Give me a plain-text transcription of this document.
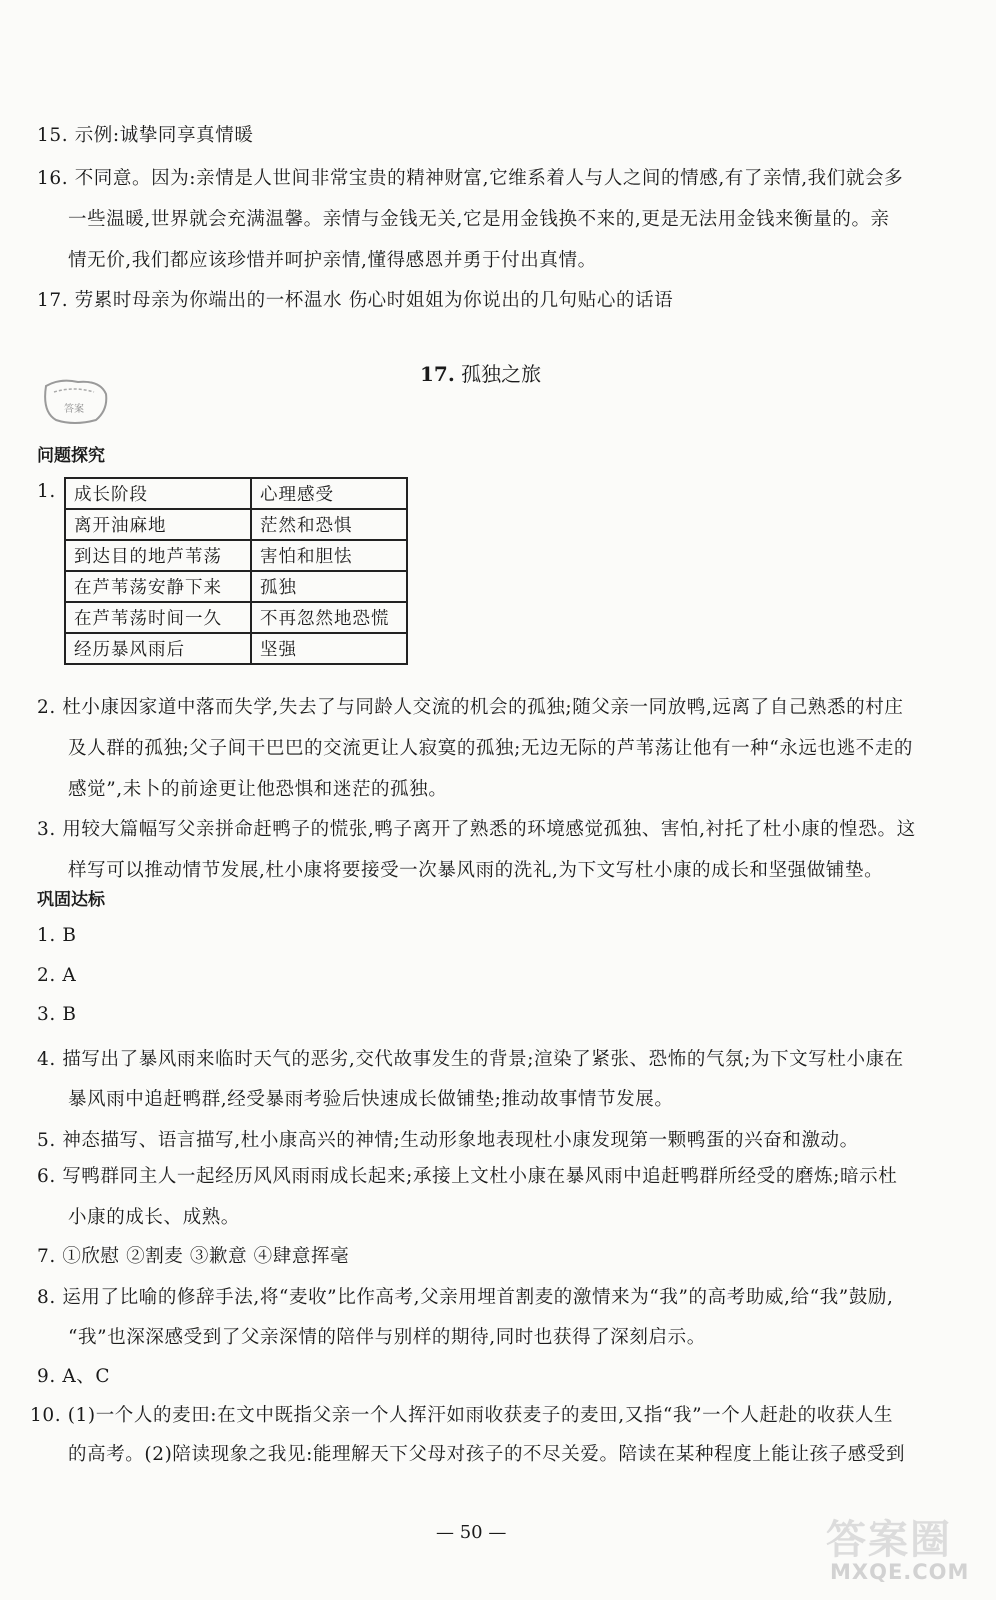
15. 示例:诚挚同享真情暖
16. 不同意。因为:亲情是人世间非常宝贵的精神财富,它维系着人与人之间的情感,有了亲情,我们就会多
一些温暖,世界就会充满温馨。亲情与金钱无关,它是用金钱换不来的,更是无法用金钱来衡量的。亲
情无价,我们都应该珍惜并呵护亲情,懂得感恩并勇于付出真情。
17. 劳累时母亲为你端出的一杯温水 伤心时姐姐为你说出的几句贴心的话语
答案
17. 孤独之旅
问题探究
1. 成长阶段	心理感受
离开油麻地	茫然和恐惧
到达目的地芦苇荡	害怕和胆怯
在芦苇荡安静下来	孤独
在芦苇荡时间一久	不再忽然地恐慌
经历暴风雨后	坚强
2. 杜小康因家道中落而失学,失去了与同龄人交流的机会的孤独;随父亲一同放鸭,远离了自己熟悉的村庄
及人群的孤独;父子间干巴巴的交流更让人寂寞的孤独;无边无际的芦苇荡让他有一种“永远也逃不走的
感觉”,未卜的前途更让他恐惧和迷茫的孤独。
3. 用较大篇幅写父亲拼命赶鸭子的慌张,鸭子离开了熟悉的环境感觉孤独、害怕,衬托了杜小康的惶恐。这
样写可以推动情节发展,杜小康将要接受一次暴风雨的洗礼,为下文写杜小康的成长和坚强做铺垫。
巩固达标
1. B
2. A
3. B
4. 描写出了暴风雨来临时天气的恶劣,交代故事发生的背景;渲染了紧张、恐怖的气氛;为下文写杜小康在
暴风雨中追赶鸭群,经受暴雨考验后快速成长做铺垫;推动故事情节发展。
5. 神态描写、语言描写,杜小康高兴的神情;生动形象地表现杜小康发现第一颗鸭蛋的兴奋和激动。
6. 写鸭群同主人一起经历风风雨雨成长起来;承接上文杜小康在暴风雨中追赶鸭群所经受的磨炼;暗示杜
小康的成长、成熟。
7. ①欣慰 ②割麦 ③歉意 ④肆意挥毫
8. 运用了比喻的修辞手法,将“麦收”比作高考,父亲用埋首割麦的激情来为“我”的高考助威,给“我”鼓励,
“我”也深深感受到了父亲深情的陪伴与别样的期待,同时也获得了深刻启示。
9. A、C
10. (1)一个人的麦田:在文中既指父亲一个人挥汗如雨收获麦子的麦田,又指“我”一个人赶赴的收获人生
的高考。(2)陪读现象之我见:能理解天下父母对孩子的不尽关爱。陪读在某种程度上能让孩子感受到
— 50 —	答案圈
MXQE.COM
